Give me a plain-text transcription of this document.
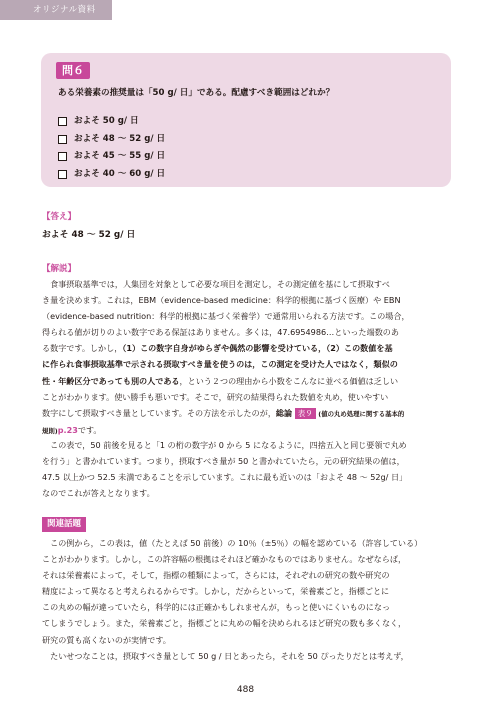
オリジナル資料
問６
ある栄養素の推奨量は「50 g/ 日」である。配慮すべき範囲はどれか？
およそ 50 g/ 日
およそ 48 〜 52 g/ 日
およそ 45 〜 55 g/ 日
およそ 40 〜 60 g/ 日
【答え】
およそ 48 〜 52 g/ 日
【解説】
食事摂取基準では，人集団を対象として必要な項目を測定し，その測定値を基にして摂取すべ
き量を決めます。これは，EBM（evidence-based medicine：科学的根拠に基づく医療）や EBN
（evidence-based nutrition：科学的根拠に基づく栄養学）で通常用いられる方法です。この場合，
得られる値が切りのよい数字である保証はありません。多くは，47.6954986…といった端数のあ
る数字です。しかし，（1）この数字自身がゆらぎや偶然の影響を受けている，（2）この数値を基
に作られ食事摂取基準で示される摂取すべき量を使うのは，この測定を受けた人ではなく，類似の
性・年齢区分であっても別の人である，という２つの理由から小数をこんなに並べる価値は乏しい
ことがわかります。使い勝手も悪いです。そこで，研究の結果得られた数値を丸め，使いやすい
数字にして摂取すべき量としています。その方法を示したのが，総論 表９ (値の丸め処理に関する基本的
規則)p.23です。
この表で，50 前後を見ると「1 の桁の数字が 0 から 5 になるように，四捨五入と同じ要領で丸め
を行う」と書かれています。つまり，摂取すべき量が 50 と書かれていたら，元の研究結果の値は，
47.5 以上かつ 52.5 未満であることを示しています。これに最も近いのは「およそ 48 〜 52g/ 日」
なのでこれが答えとなります。
関連話題
この例から，この表は，値（たとえば 50 前後）の 10％（±5％）の幅を認めている（許容している）
ことがわかります。しかし，この許容幅の根拠はそれほど確かなものではありません。なぜならば，
それは栄養素によって，そして，指標の種類によって，さらには，それぞれの研究の数や研究の
精度によって異なると考えられるからです。しかし，だからといって，栄養素ごと，指標ごとに
この丸めの幅が違っていたら，科学的には正確かもしれませんが，もっと使いにくいものになっ
てしまうでしょう。また，栄養素ごと，指標ごとに丸めの幅を決められるほど研究の数も多くなく，
研究の質も高くないのが実情です。
たいせつなことは，摂取すべき量として 50 g / 日とあったら，それを 50 ぴったりだとは考えず，
488
